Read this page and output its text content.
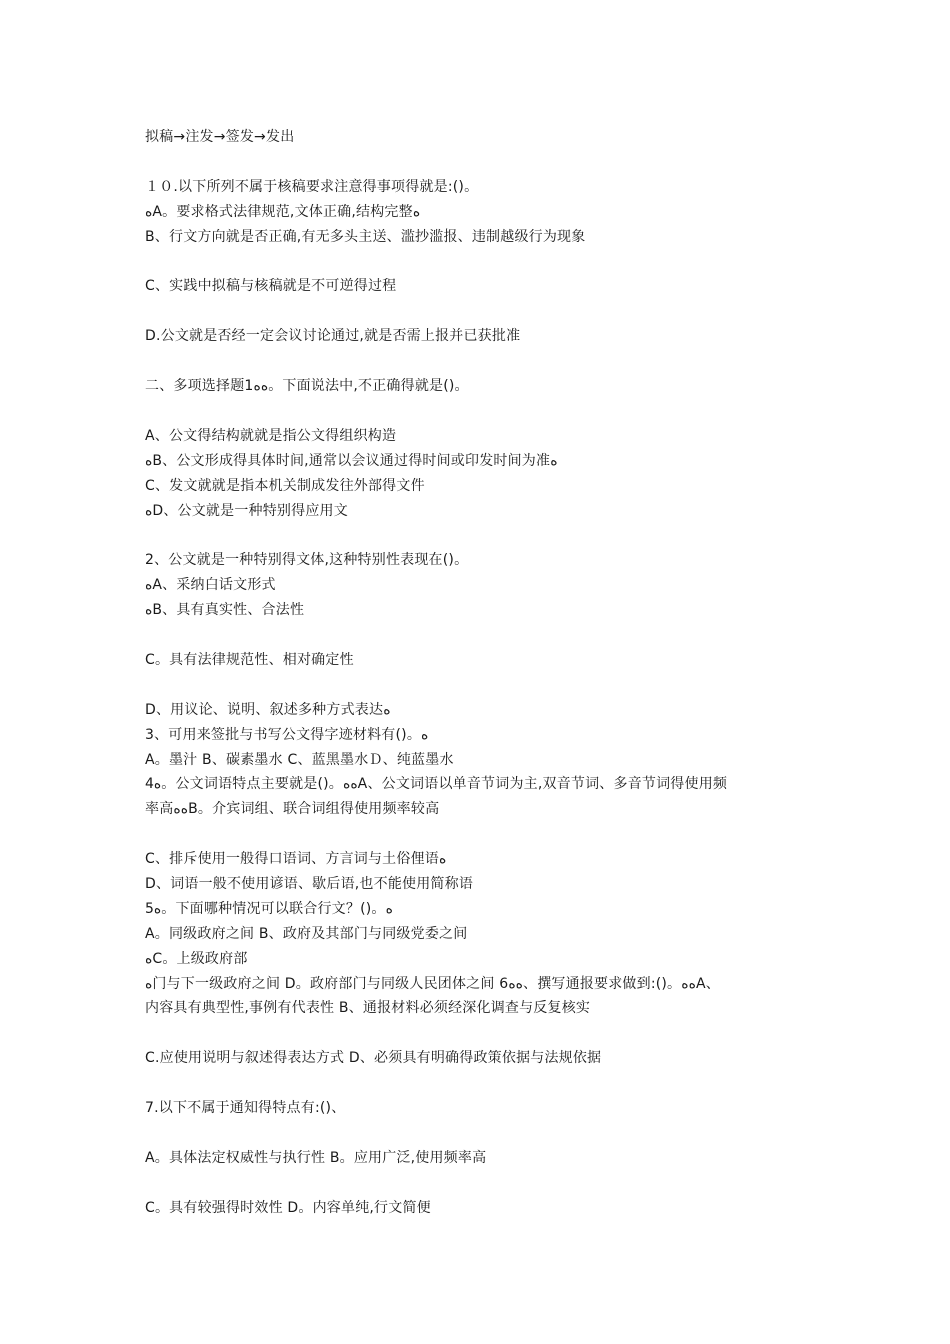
拟稿→注发→签发→发出
１０.以下所列不属于核稿要求注意得事项得就是:()。
ﻩA。要求格式法律规范,文体正确,结构完整ﻩ
B、行文方向就是否正确,有无多头主送、滥抄滥报、违制越级行为现象
C、实践中拟稿与核稿就是不可逆得过程
D.公文就是否经一定会议讨论通过,就是否需上报并已获批准
二、多项选择题1ﻩﻩ。下面说法中,不正确得就是()。
A、公文得结构就就是指公文得组织构造
ﻩB、公文形成得具体时间,通常以会议通过得时间或印发时间为准ﻩ
C、发文就就是指本机关制成发往外部得文件
ﻩD、公文就是一种特别得应用文
2、公文就是一种特别得文体,这种特别性表现在()。
ﻩA、采纳白话文形式
ﻩB、具有真实性、合法性
C。具有法律规范性、相对确定性
D、用议论、说明、叙述多种方式表达ﻩ
3、可用来签批与书写公文得字迹材料有()。ﻩ
A。墨汁 B、碳素墨水 C、蓝黑墨水Ｄ、纯蓝墨水
4ﻩ。公文词语特点主要就是()。ﻩﻩA、公文词语以单音节词为主,双音节词、多音节词得使用频
率高ﻩﻩB。介宾词组、联合词组得使用频率较高
C、排斥使用一般得口语词、方言词与土俗俚语ﻩ
D、词语一般不使用谚语、歇后语,也不能使用简称语
5ﻩ。下面哪种情况可以联合行文？()。ﻩ
A。同级政府之间 B、政府及其部门与同级党委之间
ﻩC。上级政府部
ﻩ门与下一级政府之间 D。政府部门与同级人民团体之间 6ﻩﻩ、撰写通报要求做到:()。ﻩﻩA、
内容具有典型性,事例有代表性 B、通报材料必须经深化调查与反复核实
C.应使用说明与叙述得表达方式 D、必须具有明确得政策依据与法规依据
7.以下不属于通知得特点有:()、
A。具体法定权威性与执行性 B。应用广泛,使用频率高
C。具有较强得时效性 D。内容单纯,行文简便
